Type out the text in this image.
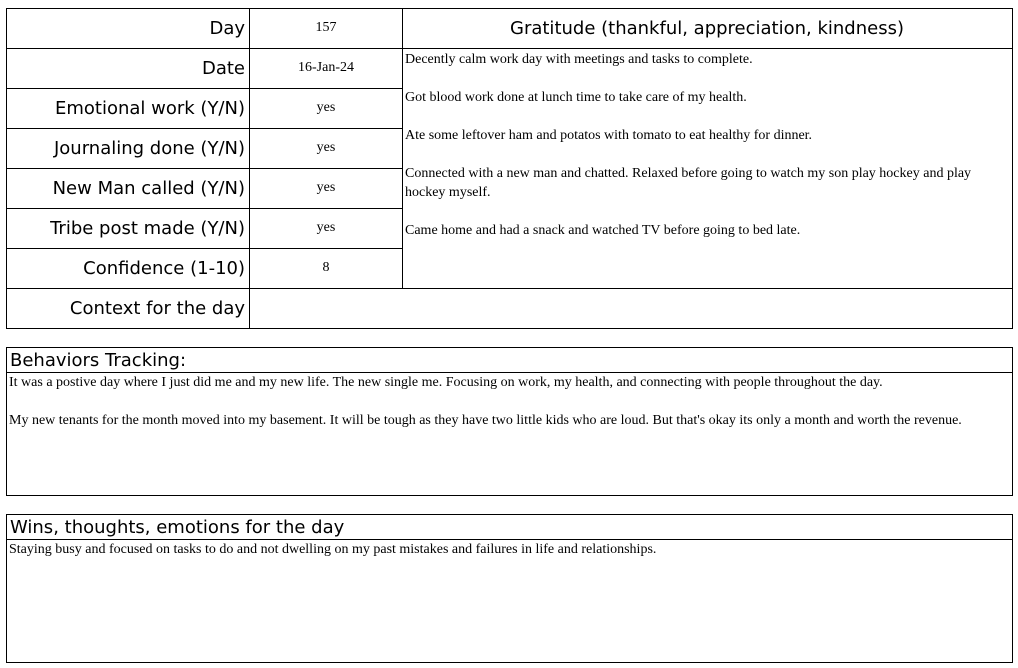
Day	157
Date	16-Jan-24
Emotional work (Y/N)	yes
Journaling done (Y/N)	yes
New Man called (Y/N)	yes
Tribe post made (Y/N)	yes
Confidence (1-10)	8
Context for the day
Gratitude (thankful, appreciation, kindness)

Decently calm work day with meetings and tasks to complete.

Got blood work done at lunch time to take care of my health.

Ate some leftover ham and potatos with tomato to eat healthy for dinner.

Connected with a new man and chatted. Relaxed before going to watch my son play hockey and play hockey myself.

Came home and had a snack and watched TV before going to bed late.

Behaviors Tracking:

It was a postive day where I just did me and my new life. The new single me. Focusing on work, my health, and connecting with people throughout the day.

My new tenants for the month moved into my basement. It will be tough as they have two little kids who are loud. But that's okay its only a month and worth the revenue.

Wins, thoughts, emotions for the day

Staying busy and focused on tasks to do and not dwelling on my past mistakes and failures in life and relationships.
